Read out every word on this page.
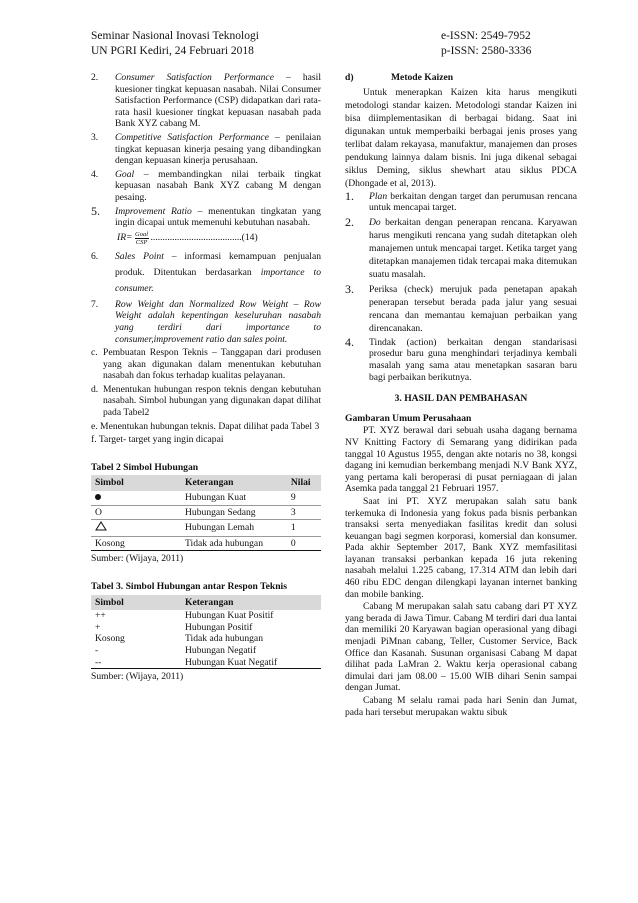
Seminar Nasional Inovasi Teknologi
UN PGRI Kediri, 24 Februari 2018
e-ISSN: 2549-7952
p-ISSN: 2580-3336
2.	Consumer Satisfaction Performance – hasil kuesioner tingkat kepuasan nasabah. Nilai Consumer Satisfaction Performance (CSP) didapatkan dari rata-rata hasil kuesioner tingkat kepuasan nasabah pada Bank XYZ cabang M.
3.	Competitive Satisfaction Performance – penilaian tingkat kepuasan kinerja pesaing yang dibandingkan dengan kepuasan kinerja perusahaan.
4.	Goal – membandingkan nilai terbaik tingkat kepuasan nasabah Bank XYZ cabang M dengan pesaing.
5.	Improvement Ratio – menentukan tingkatan yang ingin dicapai untuk memenuhi kebutuhan nasabah.
$IR= \frac{\text{Goal}}{\text{CSP}} ......................................(14)$
6.	Sales Point – informasi kemampuan penjualan produk. Ditentukan berdasarkan importance to consumer.
7.	Row Weight dan Normalized Row Weight – Row Weight adalah kepentingan keseluruhan nasabah yang terdiri dari importance to consumer,improvement ratio dan sales point.
c. Pembuatan Respon Teknis – Tanggapan dari produsen yang akan digunakan dalam menentukan kebutuhan nasabah dan fokus terhadap kualitas pelayanan.
d. Menentukan hubungan respon teknis dengan kebutuhan nasabah. Simbol hubungan yang digunakan dapat dilihat pada Tabel2
e. Menentukan hubungan teknis. Dapat dilihat pada Tabel 3
f. Target- target yang ingin dicapai
Tabel 2 Simbol Hubungan
Simbol	Keterangan	Nilai
	Hubungan Kuat	9
O	Hubungan Sedang	3
	Hubungan Lemah	1
Kosong	Tidak ada hubungan	0
Sumber: (Wijaya, 2011)
Tabel 3. Simbol Hubungan antar Respon Teknis
Simbol	Keterangan
++	Hubungan Kuat Positif
+	Hubungan Positif
Kosong	Tidak ada hubungan
-	Hubungan Negatif
--	Hubungan Kuat Negatif
Sumber: (Wijaya, 2011)
d)	Metode Kaizen
Untuk menerapkan Kaizen kita harus mengikuti metodologi standar kaizen. Metodologi standar Kaizen ini bisa diimplementasikan di berbagai bidang. Saat ini digunakan untuk memperbaiki berbagai jenis proses yang terlibat dalam rekayasa, manufaktur, manajemen dan proses pendukung lainnya dalam bisnis. Ini juga dikenal sebagai siklus Deming, siklus shewhart atau siklus PDCA (Dhongade et al, 2013).
1.	Plan berkaitan dengan target dan perumusan rencana untuk mencapai target.
2.	Do berkaitan dengan penerapan rencana. Karyawan harus mengikuti rencana yang sudah ditetapkan oleh manajemen untuk mencapai target. Ketika target yang ditetapkan manajemen tidak tercapai maka ditemukan suatu masalah.
3.	Periksa (check) merujuk pada penetapan apakah penerapan tersebut berada pada jalur yang sesuai rencana dan memantau kemajuan perbaikan yang direncanakan.
4.	Tindak (action) berkaitan dengan standarisasi prosedur baru guna menghindari terjadinya kembali masalah yang sama atau menetapkan sasaran baru bagi perbaikan berikutnya.
3. HASIL DAN PEMBAHASAN
Gambaran Umum Perusahaan
PT. XYZ berawal dari sebuah usaha dagang bernama NV Knitting Factory di Semarang yang didirikan pada tanggal 10 Agustus 1955, dengan akte notaris no 38, kongsi dagang ini kemudian berkembang menjadi N.V Bank XYZ, yang pertama kali beroperasi di pusat perniagaan di jalan Asemka pada tanggal 21 Februari 1957.
Saat ini PT. XYZ merupakan salah satu bank terkemuka di Indonesia yang fokus pada bisnis perbankan transaksi serta menyediakan fasilitas kredit dan solusi keuangan bagi segmen korporasi, komersial dan konsumer. Pada akhir September 2017, Bank XYZ memfasilitasi layanan transaksi perbankan kepada 16 juta rekening nasabah melalui 1.225 cabang, 17.314 ATM dan lebih dari 460 ribu EDC dengan dilengkapi layanan internet banking dan mobile banking.
Cabang M merupakan salah satu cabang dari PT XYZ yang berada di Jawa Timur. Cabang M terdiri dari dua lantai dan memiliki 20 Karyawan bagian operasional yang dibagi menjadi PiMnan cabang, Teller, Customer Service, Back Office dan Kasanah. Susunan organisasi Cabang M dapat dilihat pada LaMran 2. Waktu kerja operasional cabang dimulai dari jam 08.00 – 15.00 WIB dihari Senin sampai dengan Jumat.
Cabang M selalu ramai pada hari Senin dan Jumat, pada hari tersebut merupakan waktu sibuk
